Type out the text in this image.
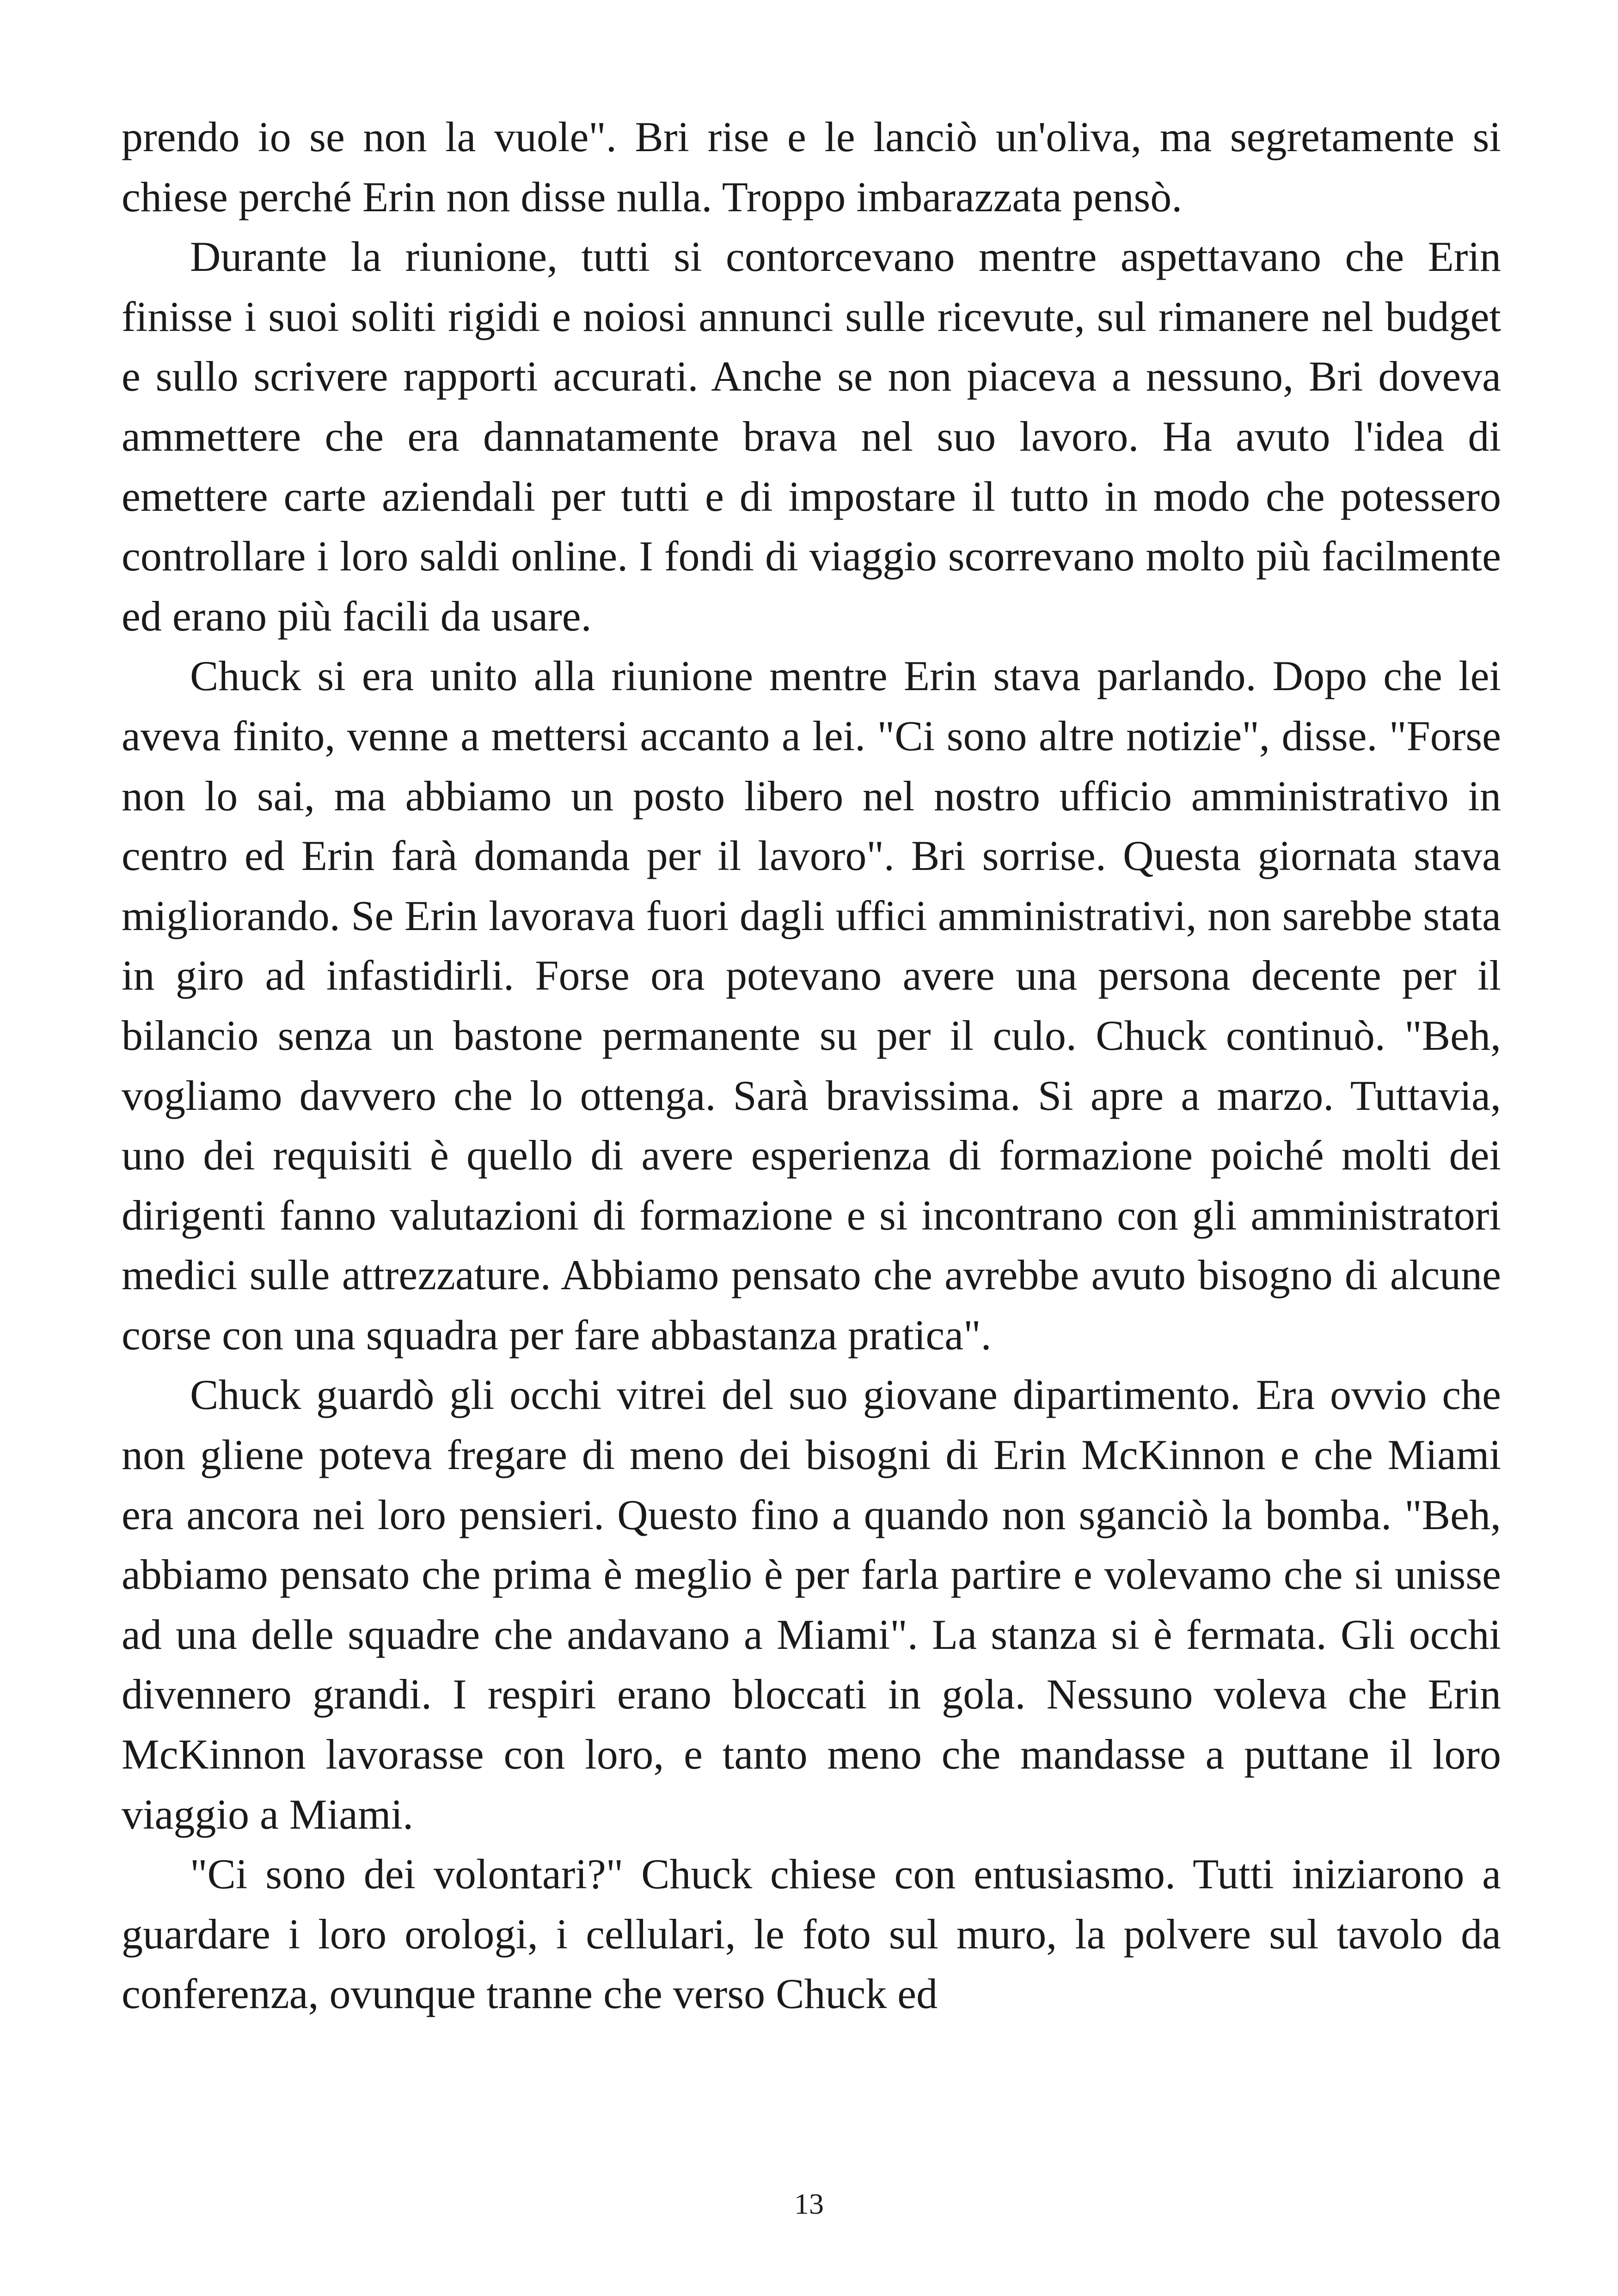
prendo io se non la vuole". Bri rise e le lanciò un'oliva, ma segretamente si chiese perché Erin non disse nulla. Troppo imbarazzata pensò.

Durante la riunione, tutti si contorcevano mentre aspettavano che Erin finisse i suoi soliti rigidi e noiosi annunci sulle ricevute, sul rimanere nel budget e sullo scrivere rapporti accurati. Anche se non piaceva a nessuno, Bri doveva ammettere che era dannatamente brava nel suo lavoro. Ha avuto l'idea di emettere carte aziendali per tutti e di impostare il tutto in modo che potessero controllare i loro saldi online. I fondi di viaggio scorrevano molto più facilmente ed erano più facili da usare.

Chuck si era unito alla riunione mentre Erin stava parlando. Dopo che lei aveva finito, venne a mettersi accanto a lei. "Ci sono altre notizie", disse. "Forse non lo sai, ma abbiamo un posto libero nel nostro ufficio amministrativo in centro ed Erin farà domanda per il lavoro". Bri sorrise. Questa giornata stava migliorando. Se Erin lavorava fuori dagli uffici amministrativi, non sarebbe stata in giro ad infastidirli. Forse ora potevano avere una persona decente per il bilancio senza un bastone permanente su per il culo. Chuck continuò. "Beh, vogliamo davvero che lo ottenga. Sarà bravissima. Si apre a marzo. Tuttavia, uno dei requisiti è quello di avere esperienza di formazione poiché molti dei dirigenti fanno valutazioni di formazione e si incontrano con gli amministratori medici sulle attrezzature. Abbiamo pensato che avrebbe avuto bisogno di alcune corse con una squadra per fare abbastanza pratica".

Chuck guardò gli occhi vitrei del suo giovane dipartimento. Era ovvio che non gliene poteva fregare di meno dei bisogni di Erin McKinnon e che Miami era ancora nei loro pensieri. Questo fino a quando non sganciò la bomba. "Beh, abbiamo pensato che prima è meglio è per farla partire e volevamo che si unisse ad una delle squadre che andavano a Miami". La stanza si è fermata. Gli occhi divennero grandi. I respiri erano bloccati in gola. Nessuno voleva che Erin McKinnon lavorasse con loro, e tanto meno che mandasse a puttane il loro viaggio a Miami.

"Ci sono dei volontari?" Chuck chiese con entusiasmo. Tutti iniziarono a guardare i loro orologi, i cellulari, le foto sul muro, la polvere sul tavolo da conferenza, ovunque tranne che verso Chuck ed

13
